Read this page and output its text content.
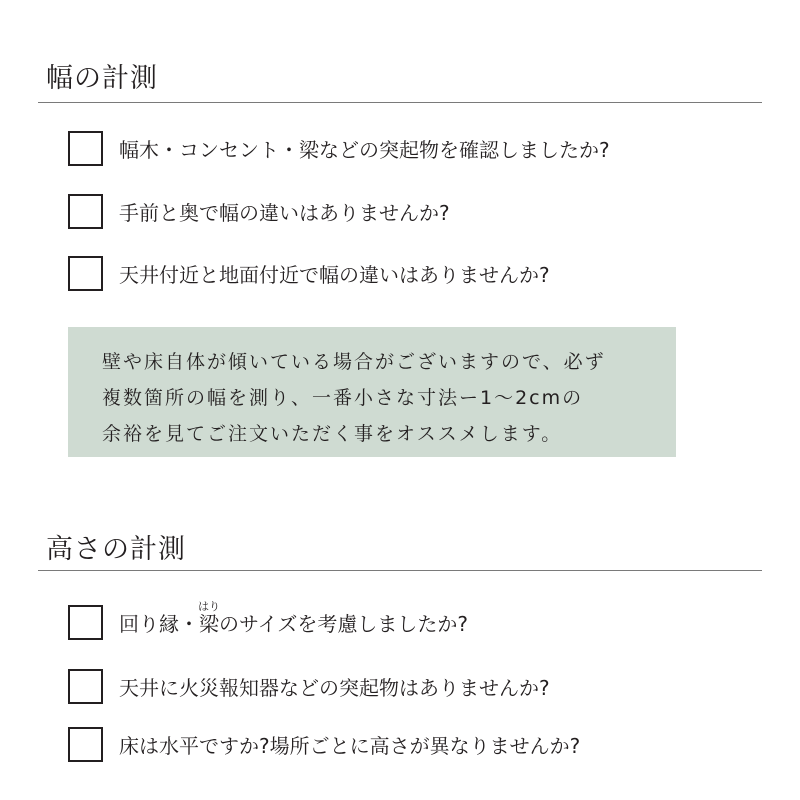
幅の計測
幅木・コンセント・梁などの突起物を確認しましたか?
手前と奥で幅の違いはありませんか?
天井付近と地面付近で幅の違いはありませんか?
壁や床自体が傾いている場合がございますので、必ず
複数箇所の幅を測り、一番小さな寸法ー1～2cmの
余裕を見てご注文いただく事をオススメします。
高さの計測
回り縁・
はり
梁のサイズを考慮しましたか?
天井に火災報知器などの突起物はありませんか?
床は水平ですか?場所ごとに高さが異なりませんか?
